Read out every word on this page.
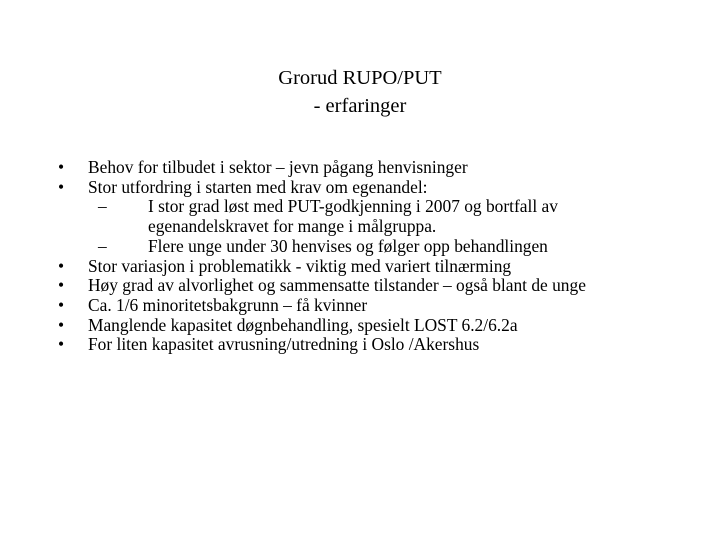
Grorud RUPO/PUT
- erfaringer
•	Behov for tilbudet i sektor – jevn pågang henvisninger
•	Stor utfordring i starten med krav om egenandel:
– I stor grad løst med PUT-godkjenning i 2007 og bortfall av egenandelskravet for mange i målgruppa.
– Flere unge under 30 henvises og følger opp behandlingen
•	Stor variasjon i problematikk - viktig med variert tilnærming
•	Høy grad av alvorlighet og sammensatte tilstander – også blant de unge
•	Ca. 1/6 minoritetsbakgrunn – få kvinner
•	Manglende kapasitet døgnbehandling, spesielt LOST 6.2/6.2a
•	For liten kapasitet avrusning/utredning i Oslo /Akershus
